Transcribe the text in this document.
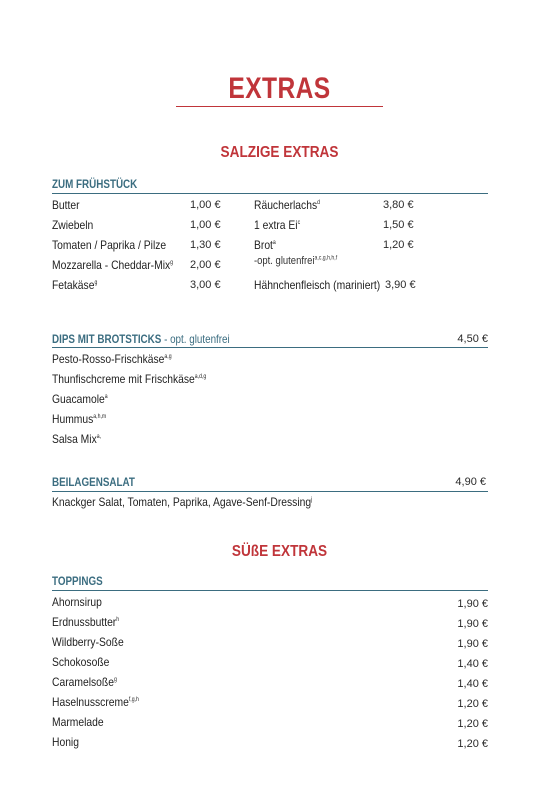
EXTRAS
SALZIGE EXTRAS
ZUM FRÜHSTÜCK
Butter	1,00 €
Zwiebeln	1,00 €
Tomaten / Paprika / Pilze 1,30 €
Mozzarella - Cheddar-Mix$^g$ 2,00 €
Fetakäse$^g$	3,00 €
Räucherlachs$^d$	3,80 €
1 extra Ei$^c$	1,50 €
Brot$^a$	1,20 €
-opt. glutenfrei$^{a,c,g,h,h,f}$
Hähnchenfleisch (mariniert) 3,90 €
DIPS MIT BROTSTICKS - opt. glutenfrei	4,50 €
Pesto-Rosso-Frischkäse$^{a,g}$
Thunfischcreme mit Frischkäse$^{a,d,g}$
Guacamole$^a$
Hummus$^{a,h,m}$
Salsa Mix$^{a,}$
BEILAGENSALAT	4,90 €
Knackger Salat, Tomaten, Paprika, Agave-Senf-Dressing$^j$
SÜßE EXTRAS
TOPPINGS
Ahornsirup	1,90 €
Erdnussbutter$^h$	1,90 €
Wildberry-Soße	1,90 €
Schokosoße	1,40 €
Caramelsoße$^g$	1,40 €
Haselnusscreme$^{f,g,h}$	1,20 €
Marmelade	1,20 €
Honig	1,20 €
